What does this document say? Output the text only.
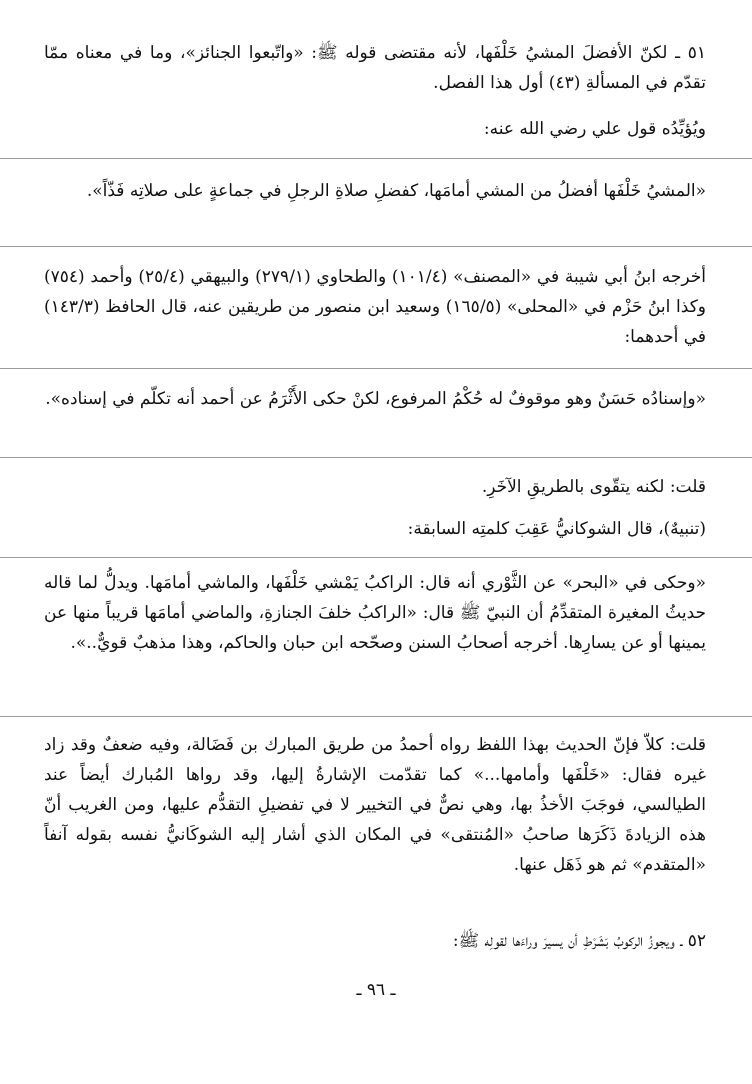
٥١ ـ لكنّ الأفضلَ المشيُ خَلْفَها، لأنه مقتضى قوله ﷺ: «واتّبعوا الجنائز»، وما في معناه ممّا تقدّم في المسألةِ (٤٣) أول هذا الفصل.

ويُؤيِّدُه قول علي رضي الله عنه:

«المشيُ خَلْفَها أفضلُ من المشي أمامَها، كفضلِ صلاةِ الرجلِ في جماعةٍ على صلاتِه فَذّاً».

أخرجه ابنُ أبي شيبة في «المصنف» (١٠١/٤) والطحاوي (٢٧٩/١) والبيهقي (٢٥/٤) وأحمد (٧٥٤) وكذا ابنُ حَزْم في «المحلى» (١٦٥/٥) وسعيد ابن منصور من طريقين عنه، قال الحافظ (١٤٣/٣) في أحدهما:

«وإسنادُه حَسَنٌ وهو موقوفٌ له حُكْمُ المرفوع، لكنْ حكى الأَثْرَمُ عن أحمد أنه تكلّم في إسناده».

قلت: لكنه يتقّوى بالطريقِ الآخَرِ.

(تنبيهٌ)، قال الشوكانيُّ عَقِبَ كلمتِه السابقة:

«وحكى في «البحر» عن الثَّوْري أنه قال: الراكبُ يَمْشي خَلْفَها، والماشي أمامَها. ويدلُّ لما قاله حديثُ المغيرة المتقدِّمُ أن النبيّ ﷺ قال: «الراكبُ خلفَ الجنازةِ، والماضي أمامَها قريباً منها عن يمينها أو عن يسارِها. أخرجه أصحابُ السنن وصحّحه ابن حبان والحاكم، وهذا مذهبٌ قويٌّ..».

قلت: كلاّ فإنّ الحديث بهذا اللفظ رواه أحمدُ من طريق المبارك بن فَضَالة، وفيه ضعفٌ وقد زاد غيره فقال: «خَلْفَها وأمامها...» كما تقدّمت الإشارةُ إليها، وقد رواها المُبارك أيضاً عند الطيالسي، فوجَبَ الأخذُ بها، وهي نصٌّ في التخيير لا في تفضيلِ التقدُّم عليها، ومن الغريب أنّ هذه الزيادةَ ذَكَرَها صاحبُ «المُنتقى» في المكان الذي أشار إليه الشوكَانيُّ نفسه بقوله آنفاً «المتقدم» ثم هو ذَهَل عنها.

٥٢ ـ ويجوزُ الركوبُ بَشَرْطِ أن يسيرَ وراءَها لقولِه ﷺ:

ـ ٩٦ ـ
